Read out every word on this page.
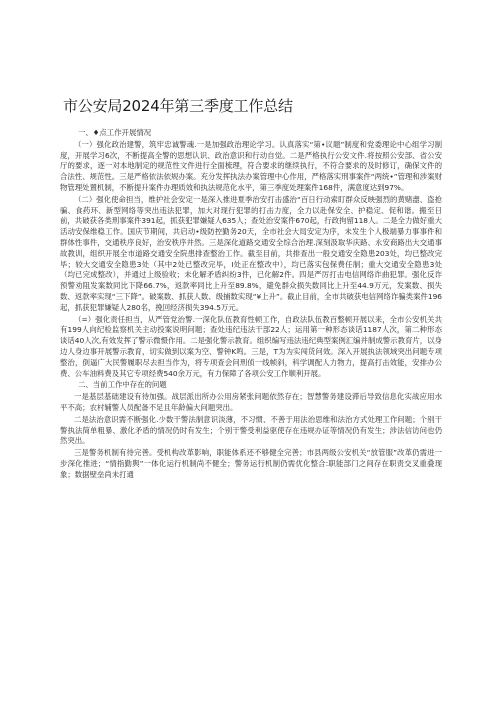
市公安局2024年第三季度工作总结

一、♦点工作开展情况

（一）强化政治建警，筑牢忠诚警魂.一是加强政治理论学习。认真落实“第•议题”制度和党委理论中心组学习制度，开展学习6次，不断提高全警的思想认识、政治意识和行动自觉。二是严格执行公安文件.将按照公安部、省公安厅的要求，逐一对本地制定的规范性文件进行全面梳理，符合要求的继续执行，不符合要求的及时修订，确保文件的合法性、规范性。三是严格依法依规办案。充分发挥执法办案管理中心作用，严格落实刑事案件“两统•”管理和涉案财物管理处置机制，不断提升案件办理质效和执法规范化水平，第三季度处理案件168件，满意度达到97%。

（二）强化使命担当，维护社会安定一是深入推进夏季治安打击盛治“百日行动索盯群众反映强烈的黄赌盡、盗抢骗、食药环、新型网络等突出违法犯罪，加大对现行犯罪的打击力度，全力以赴保安全、护稳定、促和谐。搬至日前，共破获各类刑事案件391起，抓获犯罪嫌疑人635人；查处治安案件670起，行政拘留118人。二是全力做好重大活动安保维稳工作。国庆节期间，共启动•级防控勤务20天，全市社会大局安定为序，未发生个人极端暴力事事件和群体性事件，交通秩序良好，治安秩序井然。三是深化道路交通安全综合治理.深刻汲取华庆路、永安商路出大交通事故教训，组织开展全市道路交通安全院患排查整治工作。截至目前，共排查出一般交通安全隐患203处，均已整改完毕；较大交通安全隐患3处（其中2处已整改完毕，Ⅰ处正在整改中），均已落实包保费任制；重大交通安全隐患3处（均已完成整改），并通过上级验收；未化解矛盾纠纷3件，已化解2件。四是严厉打击电信网络诈曲犯罪。强化反诈预警劝阻发案数同比下降66.7%，返款率同比上升至89.8%，避免群众损失数同比上升至44.9万元，发案数、损失数、返款率实现“三下降”。破案数、抓获人数、级捕数实现“¥上升”。截止目前，全市共破获电信网络诈骗类案件196起，抓获犯罪嫌疑人280名，挽回经济损失394.5万元。

（=）强化责任担当，从严管党治警.一深化队伍教育性顿工作，自政法队伍教百整顿开展以来，全市公安机关共有199人向纪检监察机关主动投案说明问题；查处违纪违法干部22人；运用第一种形态谈话1187人次，第二种形态谈话40人次,有效发挥了警示微慑作用。二是强化警示教育。组织编写违法违纪典型案例汇编并制成警示教育片，以身边人身边事开展警示教育，切实做到以案为空、警钟K鸣。三是，T为为实闯货问效。深入开展执法领域突出问题专项整治，倒逼广大民警履职尽去担当作为，将专项查会问刑侦一线帧斜，科学调配人力物力，提高打击效能，安排办公费、公车油料费及其它专项经费540余万元，有力保障了各项公安工作顺利开展。

二、当前工作中存在的问题

一是基层基础建设有待加强。战层派出所办公用房紧张问题依然存在；智慧警务建设滞后导致信息化实战应用水平不高；农村辅警人员配备不足且年龄偏大问题突出。

二是法治意识需不断强化.少数干警法制意识淡薄，不习惯、不善于用法治思维和法治方式处理工作问题；个别干警执法简单粗暴、激化矛盾的情况仍时有发生；个别干警受利益驱使存在违规办证等情况仍有发生；涉法信访问也仍然突出。

三是警务机制有待完善。受机构改革影响，职能体系还不够健全完善；市县两级公安机关“放管服”改革仍需进一步深化推进；“情指勤舆”一体化运行机制尚不健全；警务运行机制仍需优化整合:职能部门之间存在职责交叉重叠现象；数据壁垒尚未打通
